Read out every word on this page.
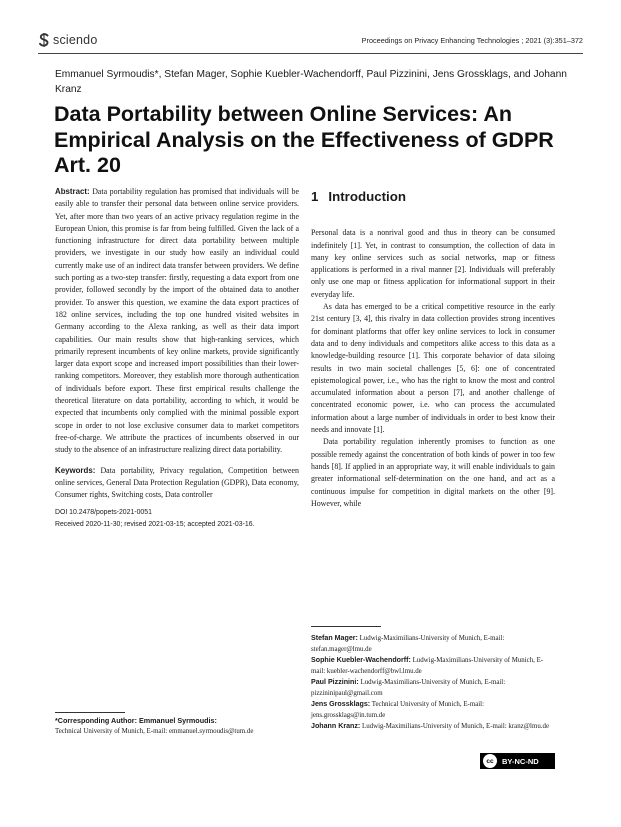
sciendo	Proceedings on Privacy Enhancing Technologies ; 2021 (3):351–372
Emmanuel Syrmoudis*, Stefan Mager, Sophie Kuebler-Wachendorff, Paul Pizzinini, Jens Grossklags, and Johann Kranz
Data Portability between Online Services: An Empirical Analysis on the Effectiveness of GDPR Art. 20

Abstract: Data portability regulation has promised that individuals will be easily able to transfer their personal data between online service providers. Yet, after more than two years of an active privacy regulation regime in the European Union, this promise is far from being fulfilled. Given the lack of a functioning infrastructure for direct data portability between multiple providers, we investigate in our study how easily an individual could currently make use of an indirect data transfer between providers. We define such porting as a two-step transfer: firstly, requesting a data export from one provider, followed secondly by the import of the obtained data to another provider. To answer this question, we examine the data export practices of 182 online services, including the top one hundred visited websites in Germany according to the Alexa ranking, as well as their data import capabilities. Our main results show that high-ranking services, which primarily represent incumbents of key online markets, provide significantly larger data export scope and increased import possibilities than their lower-ranking competitors. Moreover, they establish more thorough authentication of individuals before export. These first empirical results challenge the theoretical literature on data portability, according to which, it would be expected that incumbents only complied with the minimal possible export scope in order to not lose exclusive consumer data to market competitors free-of-charge. We attribute the practices of incumbents observed in our study to the absence of an infrastructure realizing direct data portability.

Keywords: Data portability, Privacy regulation, Competition between online services, General Data Protection Regulation (GDPR), Data economy, Consumer rights, Switching costs, Data controller

DOI 10.2478/popets-2021-0051
Received 2020-11-30; revised 2021-03-15; accepted 2021-03-16.
*Corresponding Author: Emmanuel Syrmoudis:
Technical University of Munich, E-mail: emmanuel.syrmoudis@tum.de
1 Introduction

Personal data is a nonrival good and thus in theory can be consumed indefinitely [1]. Yet, in contrast to consumption, the collection of data in many key online services such as social networks, map or fitness applications is performed in a rival manner [2]. Individuals will preferably only use one map or fitness application for informational support in their everyday life.

As data has emerged to be a critical competitive resource in the early 21st century [3, 4], this rivalry in data collection provides strong incentives for dominant platforms that offer key online services to lock in consumer data and to deny individuals and competitors alike access to this data as a knowledge-building resource [1]. This corporate behavior of data siloing results in two main societal challenges [5, 6]: one of concentrated epistemological power, i.e., who has the right to know the most and control accumulated information about a person [7], and another challenge of concentrated economic power, i.e. who can process the accumulated information about a large number of individuals in order to best know their needs and innovate [1].

Data portability regulation inherently promises to function as one possible remedy against the concentration of both kinds of power in too few hands [8]. If applied in an appropriate way, it will enable individuals to gain greater informational self-determination on the one hand, and act as a continuous impulse for competition in digital markets on the other [9]. However, while

Stefan Mager: Ludwig-Maximilians-University of Munich, E-mail: stefan.mager@lmu.de

Sophie Kuebler-Wachendorff: Ludwig-Maximilians-University of Munich, E-mail: kuebler-wachendorff@bwl.lmu.de

Paul Pizzinini: Ludwig-Maximilians-University of Munich, E-mail: pizzininipaul@gmail.com

Jens Grossklags: Technical University of Munich, E-mail: jens.grossklags@in.tum.de

Johann Kranz: Ludwig-Maximilians-University of Munich, E-mail: kranz@lmu.de

cc	BY-NC-ND
